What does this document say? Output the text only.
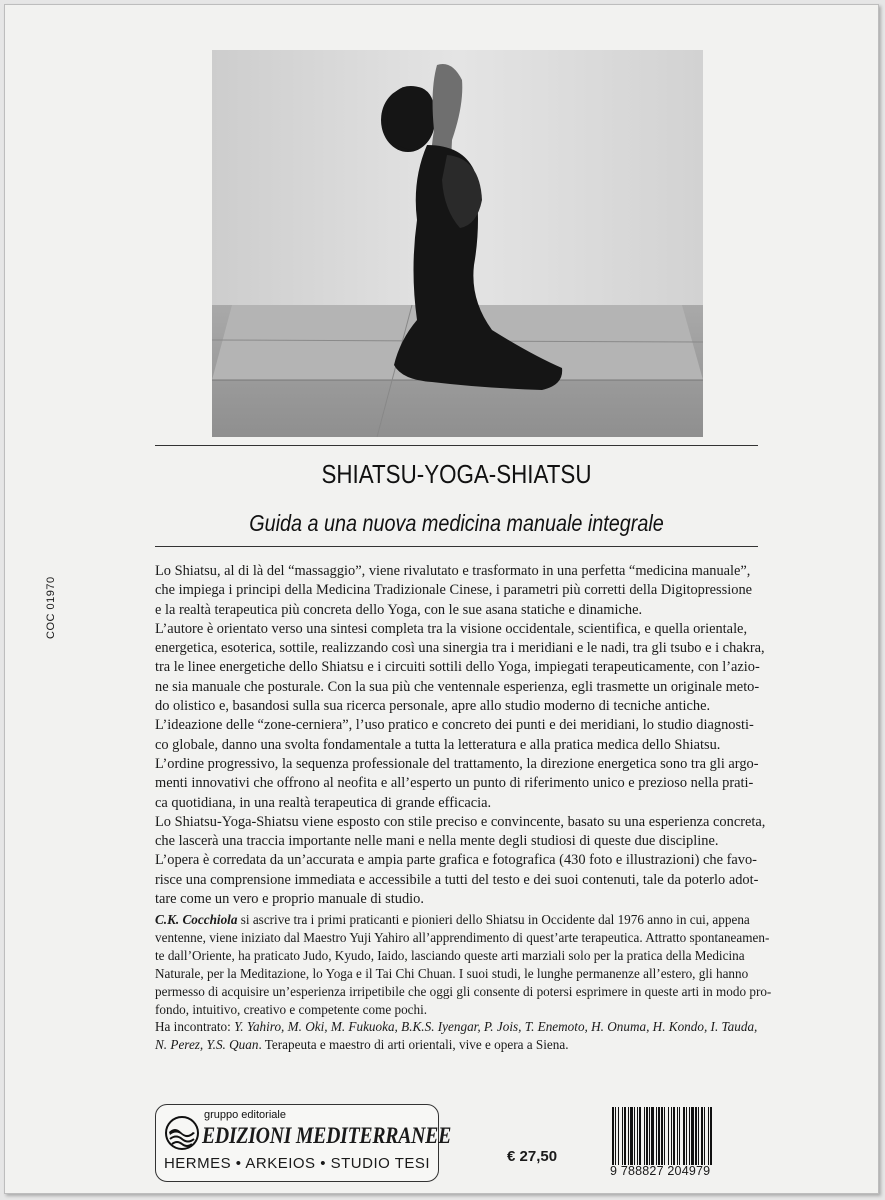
SHIATSU-YOGA-SHIATSU
Guida a una nuova medicina manuale integrale
COC 01970
Lo Shiatsu, al di là del “massaggio”, viene rivalutato e trasformato in una perfetta “medicina manuale”,
che impiega i principi della Medicina Tradizionale Cinese, i parametri più corretti della Digitopressione
e la realtà terapeutica più concreta dello Yoga, con le sue asana statiche e dinamiche.
L’autore è orientato verso una sintesi completa tra la visione occidentale, scientifica, e quella orientale,
energetica, esoterica, sottile, realizzando così una sinergia tra i meridiani e le nadi, tra gli tsubo e i chakra,
tra le linee energetiche dello Shiatsu e i circuiti sottili dello Yoga, impiegati terapeuticamente, con l’azio-
ne sia manuale che posturale. Con la sua più che ventennale esperienza, egli trasmette un originale meto-
do olistico e, basandosi sulla sua ricerca personale, apre allo studio moderno di tecniche antiche.
L’ideazione delle “zone-cerniera”, l’uso pratico e concreto dei punti e dei meridiani, lo studio diagnosti-
co globale, danno una svolta fondamentale a tutta la letteratura e alla pratica medica dello Shiatsu.
L’ordine progressivo, la sequenza professionale del trattamento, la direzione energetica sono tra gli argo-
menti innovativi che offrono al neofita e all’esperto un punto di riferimento unico e prezioso nella prati-
ca quotidiana, in una realtà terapeutica di grande efficacia.
Lo Shiatsu-Yoga-Shiatsu viene esposto con stile preciso e convincente, basato su una esperienza concreta,
che lascerà una traccia importante nelle mani e nella mente degli studiosi di queste due discipline.
L’opera è corredata da un’accurata e ampia parte grafica e fotografica (430 foto e illustrazioni) che favo-
risce una comprensione immediata e accessibile a tutti del testo e dei suoi contenuti, tale da poterlo adot-
tare come un vero e proprio manuale di studio.
C.K. Cocchiola si ascrive tra i primi praticanti e pionieri dello Shiatsu in Occidente dal 1976 anno in cui, appena
ventenne, viene iniziato dal Maestro Yuji Yahiro all’apprendimento di quest’arte terapeutica. Attratto spontaneamen-
te dall’Oriente, ha praticato Judo, Kyudo, Iaido, lasciando queste arti marziali solo per la pratica della Medicina
Naturale, per la Meditazione, lo Yoga e il Tai Chi Chuan. I suoi studi, le lunghe permanenze all’estero, gli hanno
permesso di acquisire un’esperienza irripetibile che oggi gli consente di potersi esprimere in queste arti in modo pro-
fondo, intuitivo, creativo e competente come pochi.
Ha incontrato: Y. Yahiro, M. Oki, M. Fukuoka, B.K.S. Iyengar, P. Jois, T. Enemoto, H. Onuma, H. Kondo, I. Tauda,
N. Perez, Y.S. Quan. Terapeuta e maestro di arti orientali, vive e opera a Siena.
gruppo editoriale
EDIZIONI MEDITERRANEE
HERMES • ARKEIOS • STUDIO TESI	€ 27,50
9 788827 204979
